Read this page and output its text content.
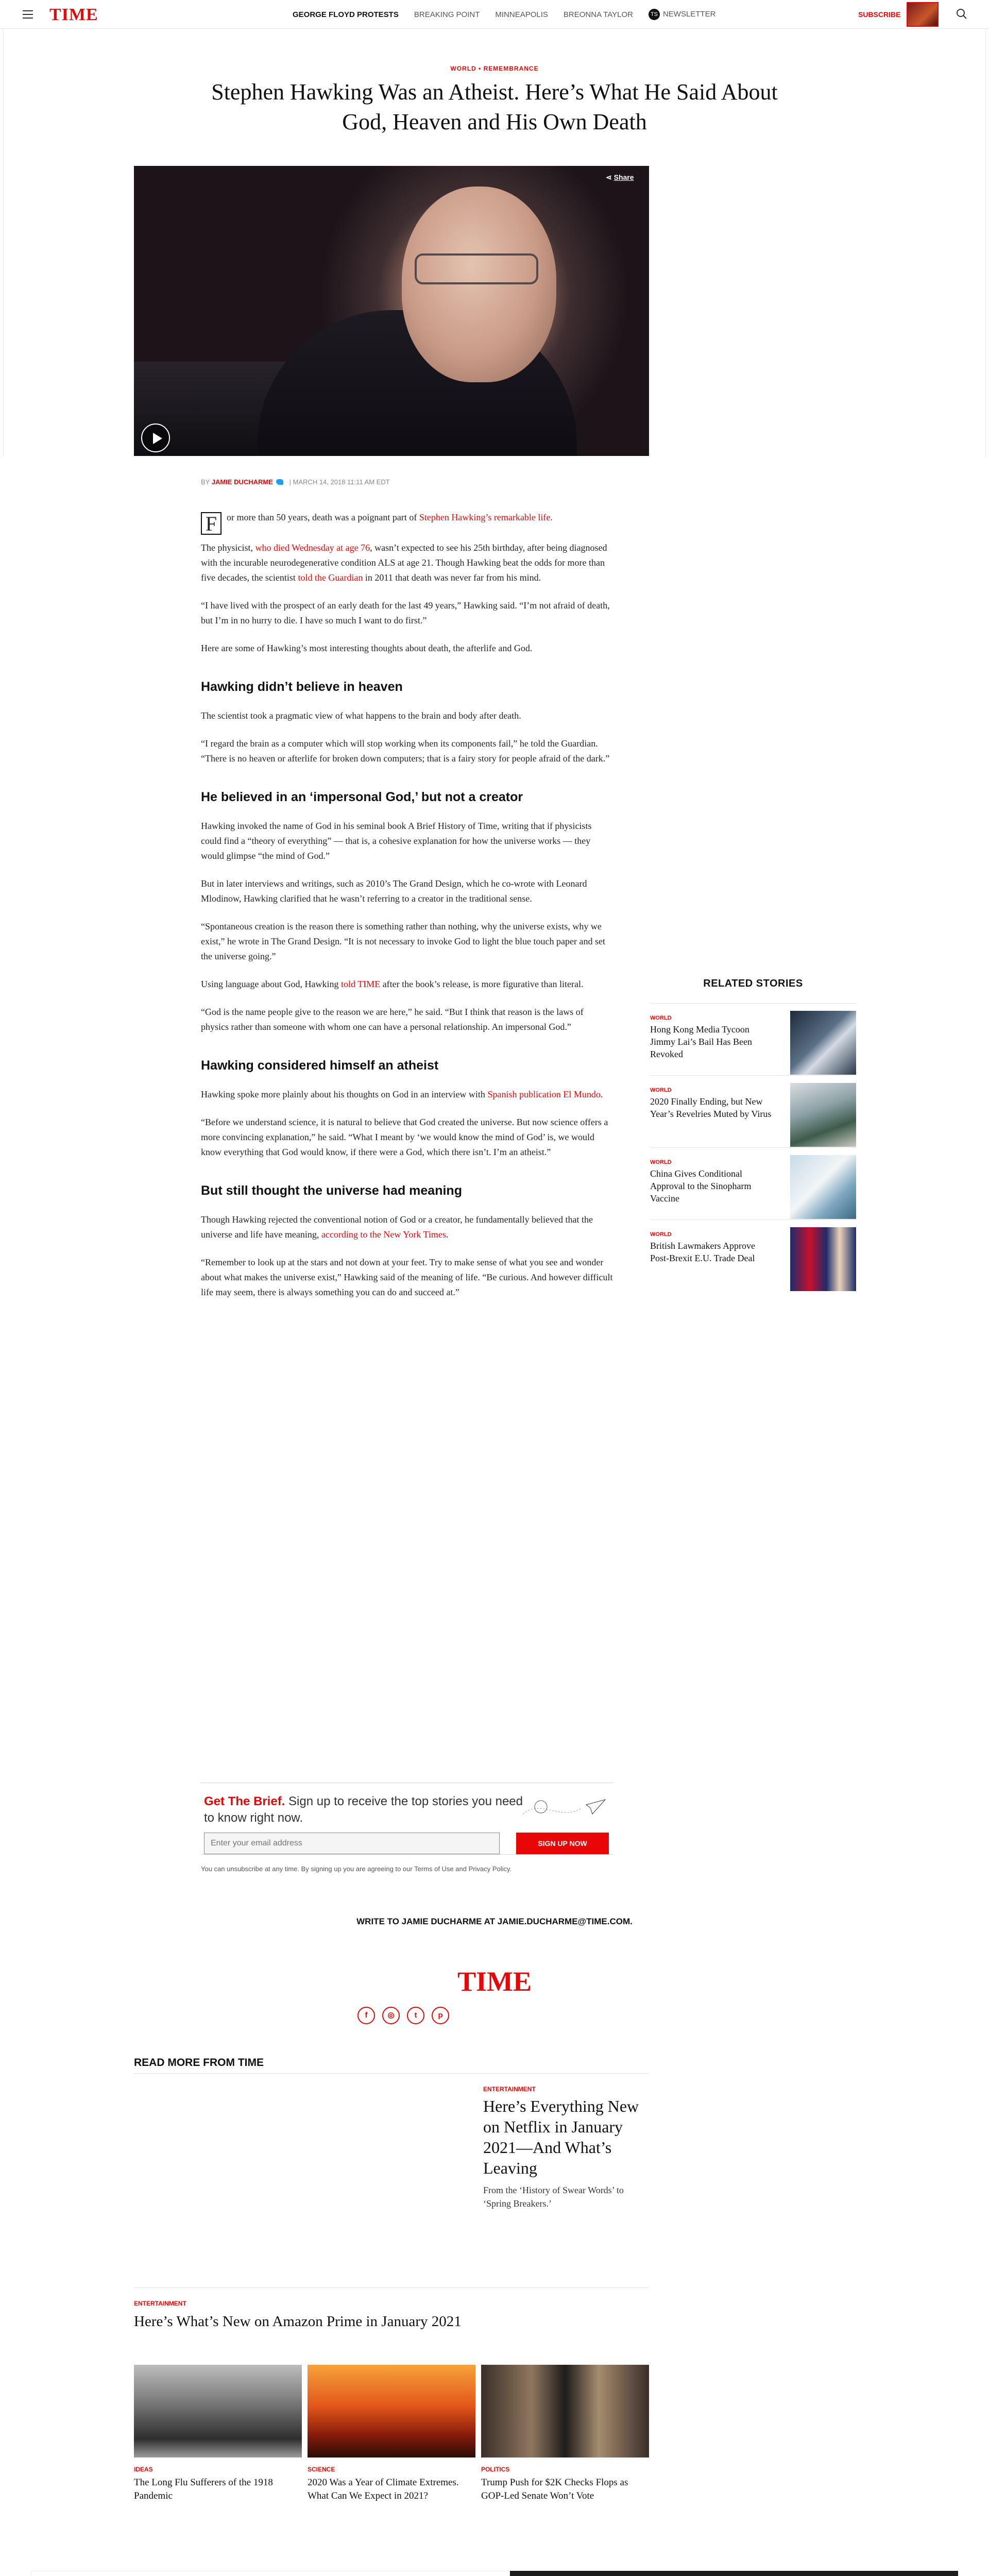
TIME	GEORGE FLOYD PROTESTS BREAKING POINT MINNEAPOLIS BREONNA TAYLOR	TS NEWSLETTER	SUBSCRIBE
WORLD • REMEMBRANCE
Stephen Hawking Was an Atheist. Here’s What He Said About God, Heaven and His Own Death
⋖ Share
BY JAMIE DUCHARME | MARCH 14, 2018 11:11 AM EDT

F	or more than 50 years, death was a poignant part of Stephen Hawking’s remarkable life.

The physicist, who died Wednesday at age 76, wasn’t expected to see his 25th birthday, after being diagnosed with the incurable neurodegenerative condition ALS at age 21. Though Hawking beat the odds for more than five decades, the scientist told the Guardian in 2011 that death was never far from his mind.

“I have lived with the prospect of an early death for the last 49 years,” Hawking said. “I’m not afraid of death, but I’m in no hurry to die. I have so much I want to do first.”

Here are some of Hawking’s most interesting thoughts about death, the afterlife and God.

Hawking didn’t believe in heaven

The scientist took a pragmatic view of what happens to the brain and body after death.

“I regard the brain as a computer which will stop working when its components fail,” he told the Guardian. “There is no heaven or afterlife for broken down computers; that is a fairy story for people afraid of the dark.”

He believed in an ‘impersonal God,’ but not a creator

Hawking invoked the name of God in his seminal book A Brief History of Time, writing that if physicists could find a “theory of everything” — that is, a cohesive explanation for how the universe works — they would glimpse “the mind of God.”

But in later interviews and writings, such as 2010’s The Grand Design, which he co-wrote with Leonard Mlodinow, Hawking clarified that he wasn’t referring to a creator in the traditional sense.

“Spontaneous creation is the reason there is something rather than nothing, why the universe exists, why we exist,” he wrote in The Grand Design. “It is not necessary to invoke God to light the blue touch paper and set the universe going.”

Using language about God, Hawking told TIME after the book’s release, is more figurative than literal.

“God is the name people give to the reason we are here,” he said. “But I think that reason is the laws of physics rather than someone with whom one can have a personal relationship. An impersonal God.”

Hawking considered himself an atheist

Hawking spoke more plainly about his thoughts on God in an interview with Spanish publication El Mundo.

“Before we understand science, it is natural to believe that God created the universe. But now science offers a more convincing explanation,” he said. “What I meant by ‘we would know the mind of God’ is, we would know everything that God would know, if there were a God, which there isn’t. I’m an atheist.”

But still thought the universe had meaning

Though Hawking rejected the conventional notion of God or a creator, he fundamentally believed that the universe and life have meaning, according to the New York Times.

“Remember to look up at the stars and not down at your feet. Try to make sense of what you see and wonder about what makes the universe exist,” Hawking said of the meaning of life. “Be curious. And however difficult life may seem, there is always something you can do and succeed at.”

RELATED STORIES
WORLD
Hong Kong Media Tycoon Jimmy Lai’s Bail Has Been Revoked
WORLD
2020 Finally Ending, but New Year’s Revelries Muted by Virus
WORLD
China Gives Conditional Approval to the Sinopharm Vaccine
WORLD
British Lawmakers Approve Post-Brexit E.U. Trade Deal
Get The Brief. Sign up to receive the top stories you need to know right now.
Enter your email address
SIGN UP NOW
You can unsubscribe at any time. By signing up you are agreeing to our Terms of Use and Privacy Policy.
WRITE TO JAMIE DUCHARME AT JAMIE.DUCHARME@TIME.COM.
TIME
f	◎	t	p
READ MORE FROM TIME
ENTERTAINMENT
Here’s Everything New on Netflix in January 2021—And What’s Leaving
From the ‘History of Swear Words’ to ‘Spring Breakers.’
ENTERTAINMENT
Here’s What’s New on Amazon Prime in January 2021
IDEAS
The Long Flu Sufferers of the 1918 Pandemic
SCIENCE
2020 Was a Year of Climate Extremes. What Can We Expect in 2021?
POLITICS
Trump Push for $2K Checks Flops as GOP-Led Senate Won’t Vote
